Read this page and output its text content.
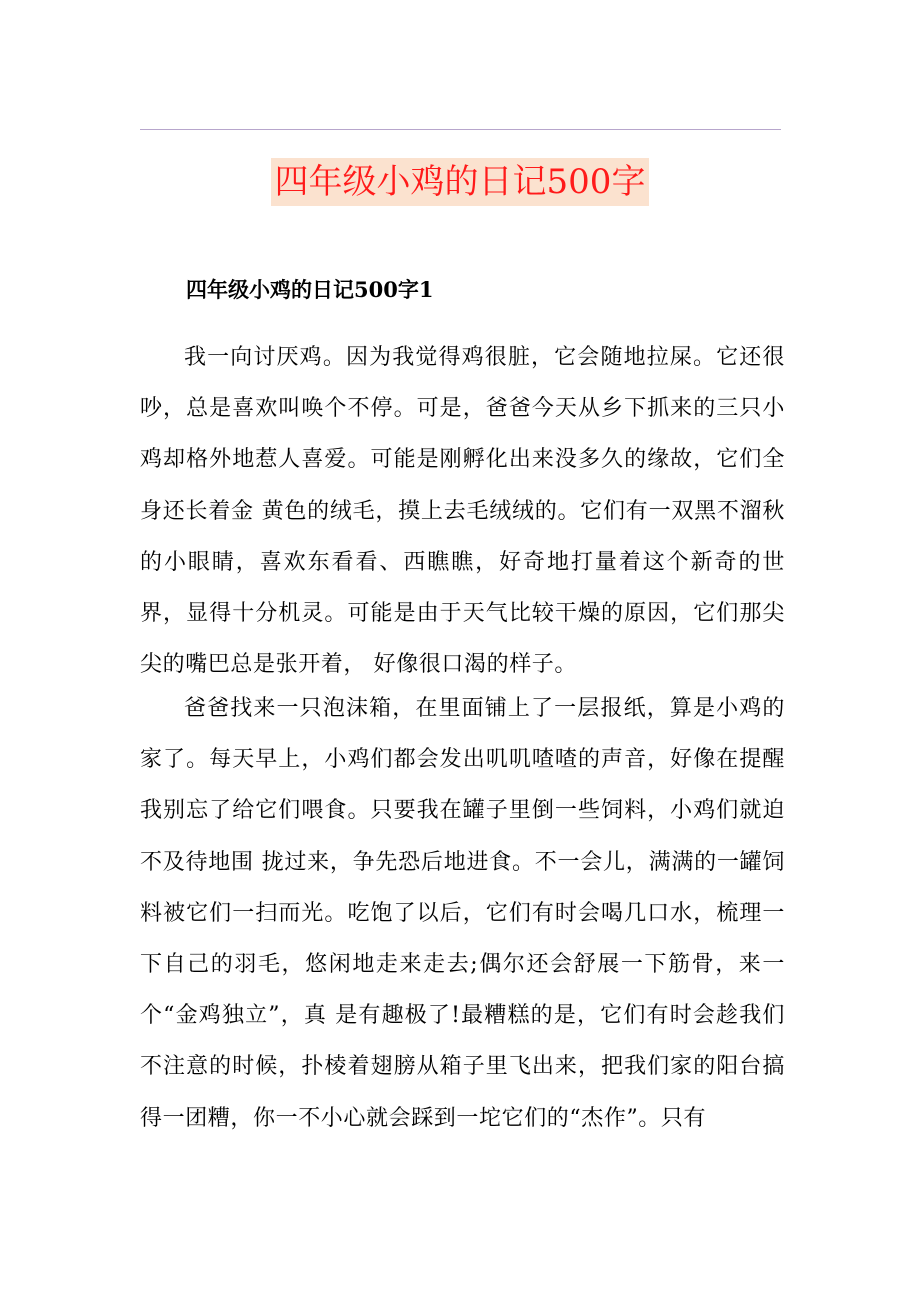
四年级小鸡的日记500字
四年级小鸡的日记500字1

我一向讨厌鸡。因为我觉得鸡很脏，它会随地拉屎。它还很吵，总是喜欢叫唤个不停。可是，爸爸今天从乡下抓来的三只小鸡却格外地惹人喜爱。可能是刚孵化出来没多久的缘故，它们全身还长着金 黄色的绒毛，摸上去毛绒绒的。它们有一双黑不溜秋的小眼睛，喜欢东看看、西瞧瞧，好奇地打量着这个新奇的世界，显得十分机灵。可能是由于天气比较干燥的原因，它们那尖尖的嘴巴总是张开着， 好像很口渴的样子。

爸爸找来一只泡沫箱，在里面铺上了一层报纸，算是小鸡的家了。每天早上，小鸡们都会发出叽叽喳喳的声音，好像在提醒我别忘了给它们喂食。只要我在罐子里倒一些饲料，小鸡们就迫不及待地围 拢过来，争先恐后地进食。不一会儿，满满的一罐饲料被它们一扫而光。吃饱了以后，它们有时会喝几口水，梳理一下自己的羽毛，悠闲地走来走去;偶尔还会舒展一下筋骨，来一个“金鸡独立”，真 是有趣极了!最糟糕的是，它们有时会趁我们不注意的时候，扑棱着翅膀从箱子里飞出来，把我们家的阳台搞得一团糟，你一不小心就会踩到一坨它们的“杰作”。只有
